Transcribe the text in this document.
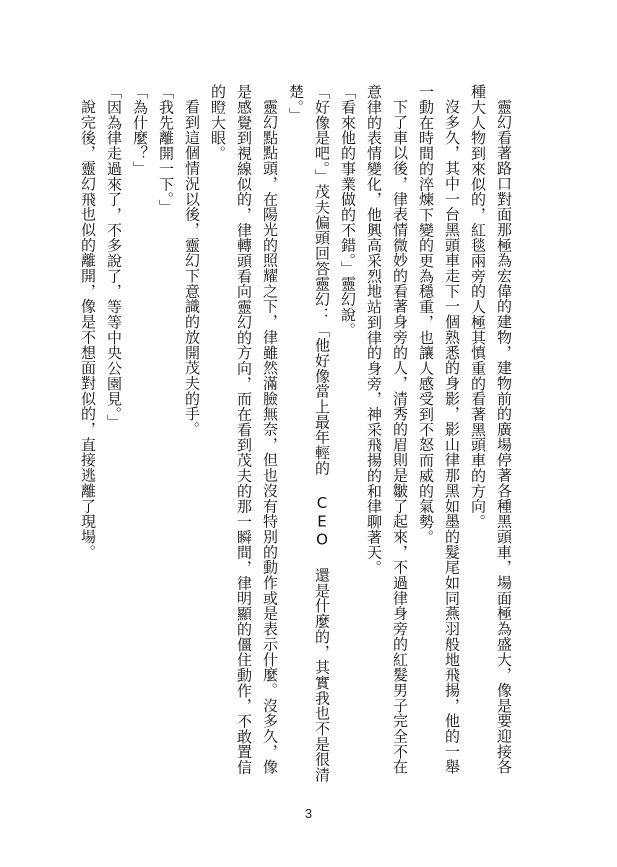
靈幻看著路口對面那極為宏偉的建物，建物前的廣場停著各種黑頭車，場面極為盛大，像是要迎接各種大人物到來似的，紅毯兩旁的人極其慎重的看著黑頭車的方向。

沒多久，其中一台黑頭車走下一個熟悉的身影，影山律那黑如墨的髮尾如同燕羽般地飛揚，他的一舉一動在時間的淬煉下變的更為穩重，也讓人感受到不怒而威的氣勢。

下了車以後，律表情微妙的看著身旁的人，清秀的眉則是皺了起來，不過律身旁的紅髮男子完全不在意律的表情變化，他興高采烈地站到律的身旁，神采飛揚的和律聊著天。

「看來他的事業做的不錯。」靈幻說。

「好像是吧。」茂夫偏頭回答靈幻：「他好像當上最年輕的 CEO 還是什麼的，其實我也不是很清楚。」

靈幻點點頭，在陽光的照耀之下，律雖然滿臉無奈，但也沒有特別的動作或是表示什麼。沒多久，像是感覺到視線似的，律轉頭看向靈幻的方向，而在看到茂夫的那一瞬間，律明顯的僵住動作，不敢置信的瞪大眼。

看到這個情況以後，靈幻下意識的放開茂夫的手。

「我先離開一下。」

「為什麼？」

「因為律走過來了，不多說了，等等中央公園見。」

說完後，靈幻飛也似的離開，像是不想面對似的，直接逃離了現場。

3
